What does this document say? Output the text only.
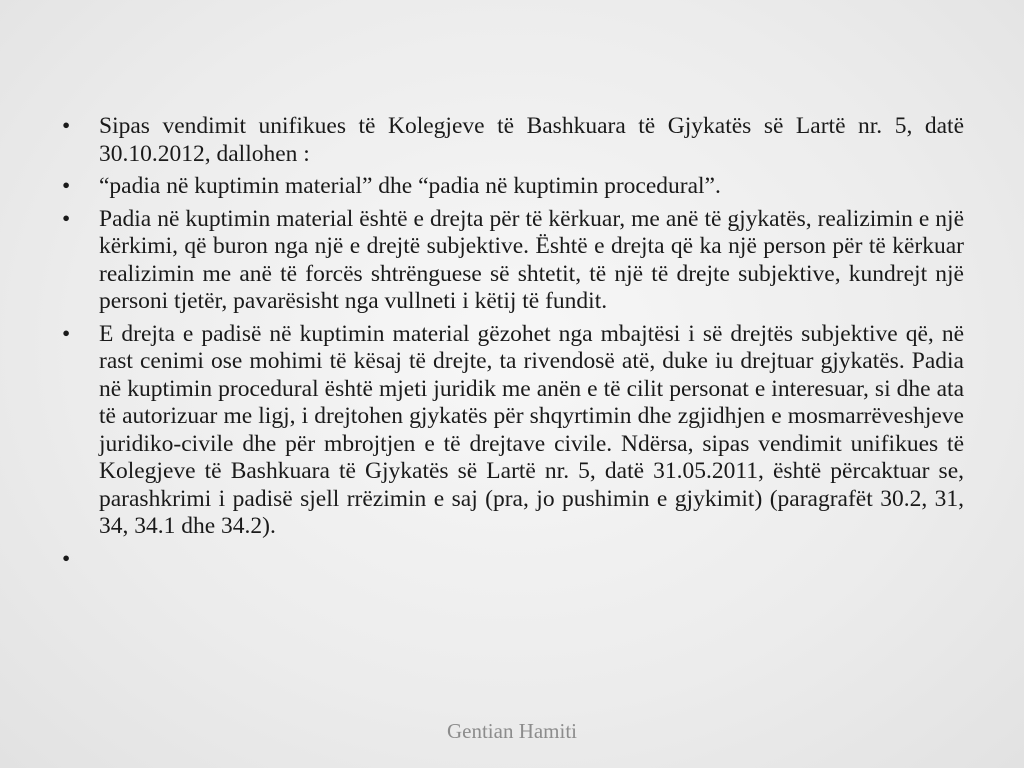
•	Sipas vendimit unifikues të Kolegjeve të Bashkuara të Gjykatës së Lartë nr. 5, datë 30.10.2012, dallohen :
•	“padia në kuptimin material” dhe “padia në kuptimin procedural”.
•	Padia në kuptimin material është e drejta për të kërkuar, me anë të gjykatës, realizimin e një kërkimi, që buron nga një e drejtë subjektive. Është e drejta që ka një person për të kërkuar realizimin me anë të forcës shtrënguese së shtetit, të një të drejte subjektive, kundrejt një personi tjetër, pavarësisht nga vullneti i këtij të fundit.
•	E drejta e padisë në kuptimin material gëzohet nga mbajtësi i së drejtës subjektive që, në rast cenimi ose mohimi të kësaj të drejte, ta rivendosë atë, duke iu drejtuar gjykatës. Padia në kuptimin procedural është mjeti juridik me anën e të cilit personat e interesuar, si dhe ata të autorizuar me ligj, i drejtohen gjykatës për shqyrtimin dhe zgjidhjen e mosmarrëveshjeve juridiko-civile dhe për mbrojtjen e të drejtave civile. Ndërsa, sipas vendimit unifikues të Kolegjeve të Bashkuara të Gjykatës së Lartë nr. 5, datë 31.05.2011, është përcaktuar se, parashkrimi i padisë sjell rrëzimin e saj (pra, jo pushimin e gjykimit) (paragrafët 30.2, 31, 34, 34.1 dhe 34.2).
•
Gentian Hamiti
